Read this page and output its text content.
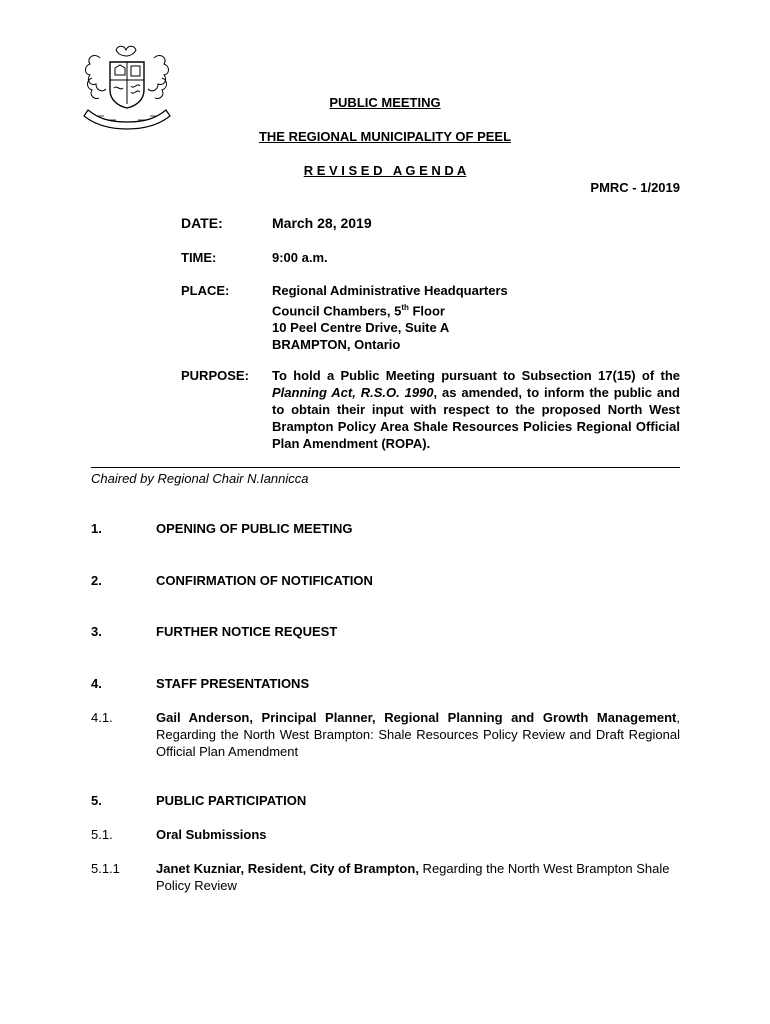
PUBLIC MEETING
THE REGIONAL MUNICIPALITY OF PEEL
R E V I S E D   A G E N D A
PMRC - 1/2019
DATE:	March 28, 2019
TIME:	9:00 a.m.
PLACE:	Regional Administrative Headquarters
Council Chambers, 5th Floor
10 Peel Centre Drive, Suite A
BRAMPTON, Ontario
PURPOSE: To hold a Public Meeting pursuant to Subsection 17(15) of the Planning Act, R.S.O. 1990, as amended, to inform the public and to obtain their input with respect to the proposed North West Brampton Policy Area Shale Resources Policies Regional Official Plan Amendment (ROPA).
Chaired by Regional Chair N.Iannicca
1.	OPENING OF PUBLIC MEETING
2.	CONFIRMATION OF NOTIFICATION
3.	FURTHER NOTICE REQUEST
4.	STAFF PRESENTATIONS
4.1.	Gail Anderson, Principal Planner, Regional Planning and Growth Management, Regarding the North West Brampton: Shale Resources Policy Review and Draft Regional Official Plan Amendment
5.	PUBLIC PARTICIPATION
5.1.	Oral Submissions
5.1.1	Janet Kuzniar, Resident, City of Brampton, Regarding the North West Brampton Shale Policy Review
